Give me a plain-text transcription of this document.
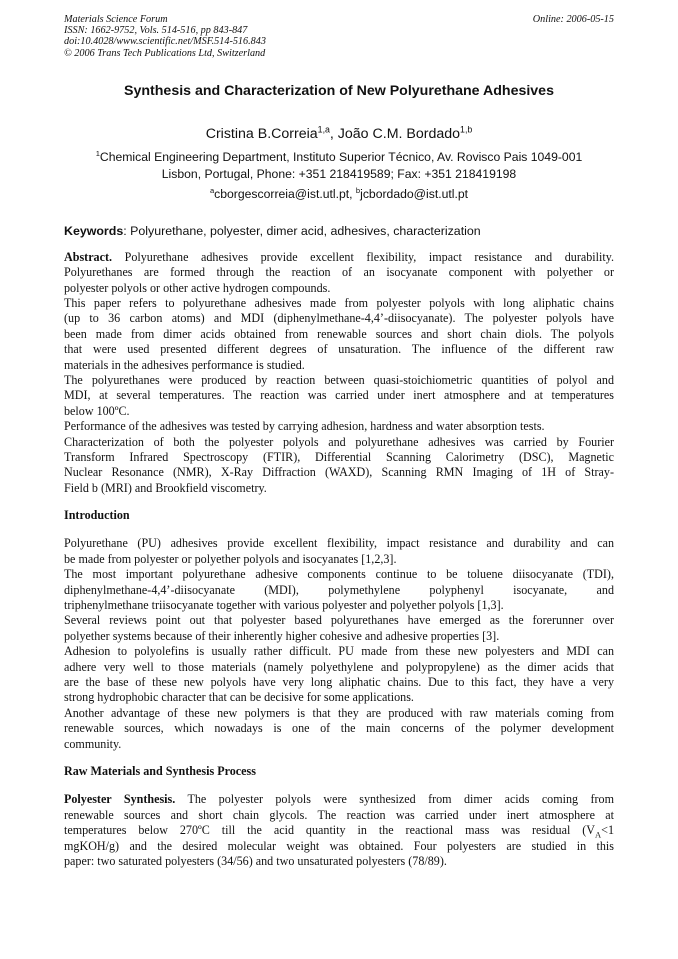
Materials Science Forum
ISSN: 1662-9752, Vols. 514-516, pp 843-847
doi:10.4028/www.scientific.net/MSF.514-516.843
© 2006 Trans Tech Publications Ltd, Switzerland
Online: 2006-05-15
Synthesis and Characterization of New Polyurethane Adhesives
Cristina B.Correia$^{1,a}$, João C.M. Bordado$^{1,b}$
$^1$Chemical Engineering Department, Instituto Superior Técnico, Av. Rovisco Pais 1049-001
Lisbon, Portugal, Phone: +351 218419589; Fax: +351 218419198
$^a$cborgescorreia@ist.utl.pt, $^b$jcbordado@ist.utl.pt
Keywords: Polyurethane, polyester, dimer acid, adhesives, characterization
Abstract. Polyurethane adhesives provide excellent flexibility, impact resistance and durability.
Polyurethanes are formed through the reaction of an isocyanate component with polyether or
polyester polyols or other active hydrogen compounds.
This paper refers to polyurethane adhesives made from polyester polyols with long aliphatic chains
(up to 36 carbon atoms) and MDI (diphenylmethane-4,4’-diisocyanate). The polyester polyols have
been made from dimer acids obtained from renewable sources and short chain diols. The polyols
that were used presented different degrees of unsaturation. The influence of the different raw
materials in the adhesives performance is studied.
The polyurethanes were produced by reaction between quasi-stoichiometric quantities of polyol and
MDI, at several temperatures. The reaction was carried under inert atmosphere and at temperatures
below 100ºC.
Performance of the adhesives was tested by carrying adhesion, hardness and water absorption tests.
Characterization of both the polyester polyols and polyurethane adhesives was carried by Fourier
Transform Infrared Spectroscopy (FTIR), Differential Scanning Calorimetry (DSC), Magnetic
Nuclear Resonance (NMR), X-Ray Diffraction (WAXD), Scanning RMN Imaging of 1H of Stray-
Field b (MRI) and Brookfield viscometry.
Introduction
Polyurethane (PU) adhesives provide excellent flexibility, impact resistance and durability and can
be made from polyester or polyether polyols and isocyanates [1,2,3].
The most important polyurethane adhesive components continue to be toluene diisocyanate (TDI),
diphenylmethane-4,4’-diisocyanate (MDI), polymethylene polyphenyl isocyanate, and
triphenylmethane triisocyanate together with various polyester and polyether polyols [1,3].
Several reviews point out that polyester based polyurethanes have emerged as the forerunner over
polyether systems because of their inherently higher cohesive and adhesive properties [3].
Adhesion to polyolefins is usually rather difficult. PU made from these new polyesters and MDI can
adhere very well to those materials (namely polyethylene and polypropylene) as the dimer acids that
are the base of these new polyols have very long aliphatic chains. Due to this fact, they have a very
strong hydrophobic character that can be decisive for some applications.
Another advantage of these new polymers is that they are produced with raw materials coming from
renewable sources, which nowadays is one of the main concerns of the polymer development
community.
Raw Materials and Synthesis Process
Polyester Synthesis. The polyester polyols were synthesized from dimer acids coming from
renewable sources and short chain glycols. The reaction was carried under inert atmosphere at
temperatures below 270ºC till the acid quantity in the reactional mass was residual ($V_A<1$
mgKOH/g) and the desired molecular weight was obtained. Four polyesters are studied in this
paper: two saturated polyesters (34/56) and two unsaturated polyesters (78/89).
